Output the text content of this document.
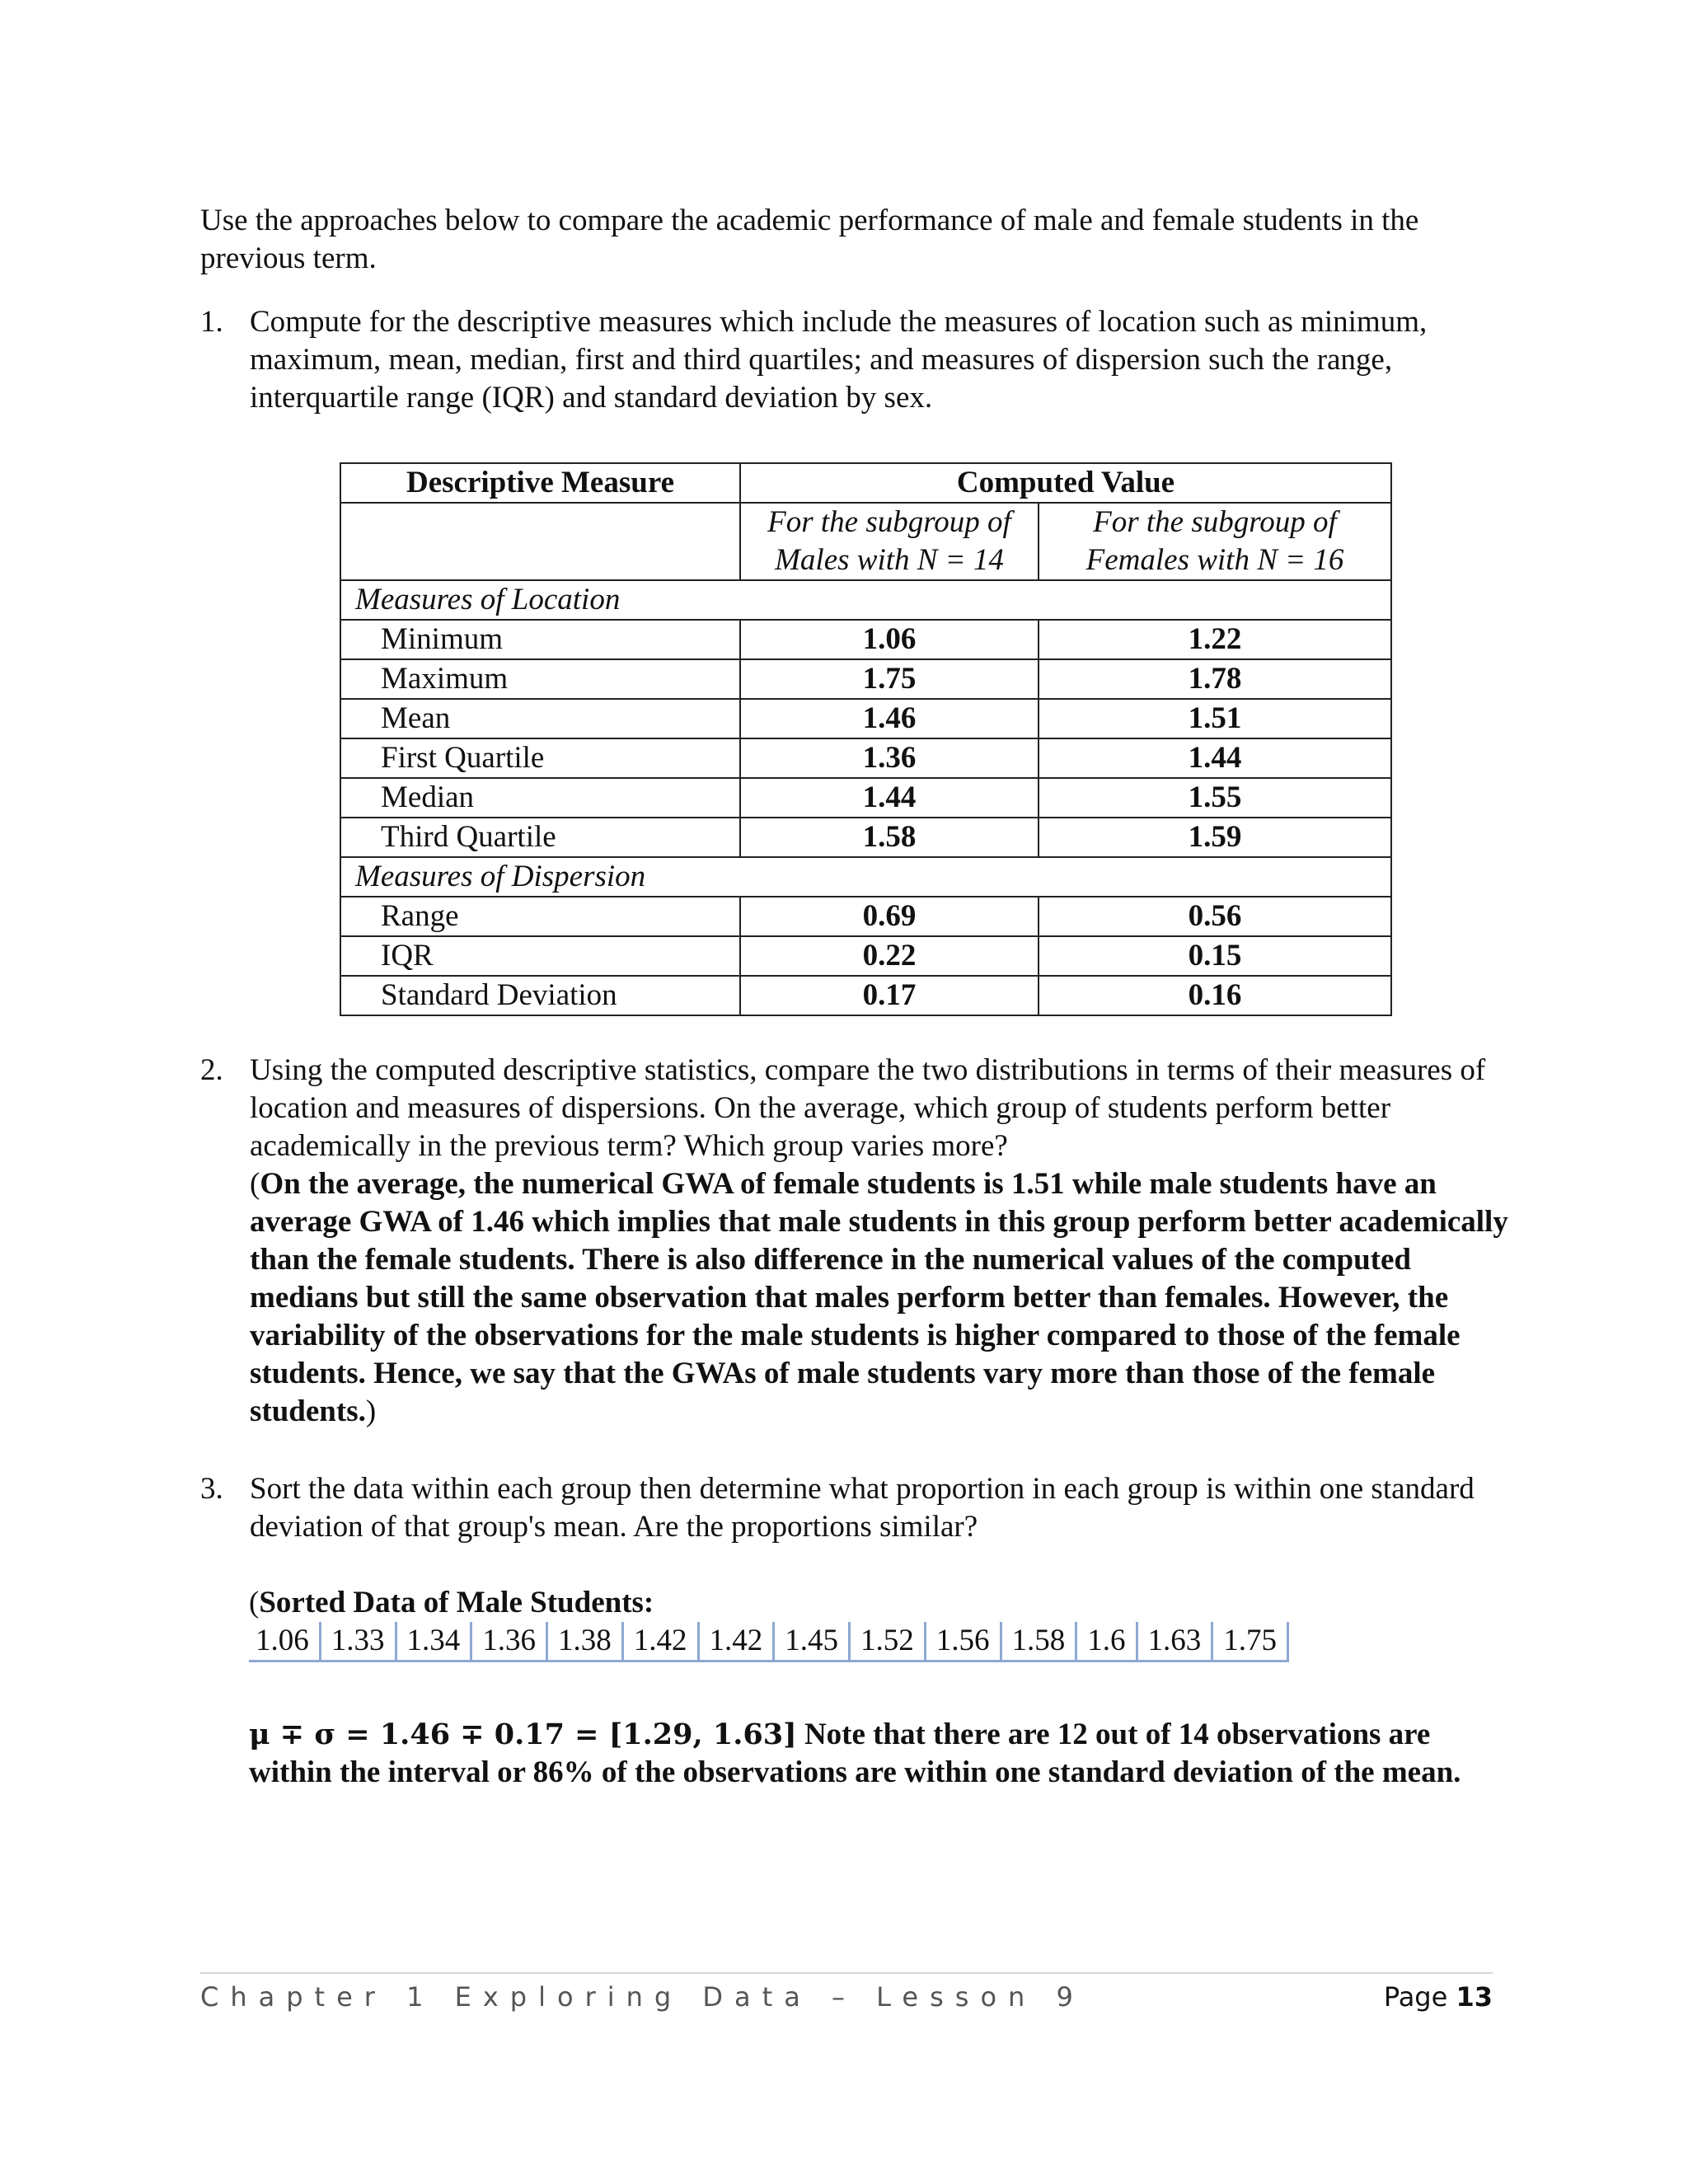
Use the approaches below to compare the academic performance of male and female students in the previous term.
1. Compute for the descriptive measures which include the measures of location such as minimum, maximum, mean, median, first and third quartiles; and measures of dispersion such the range, interquartile range (IQR) and standard deviation by sex.
Descriptive Measure	Computed Value	
	For the subgroup of Males with N = 14	For the subgroup of Females with N = 16
Measures of Location		
Minimum	1.06	1.22
Maximum	1.75	1.78
Mean	1.46	1.51
First Quartile	1.36	1.44
Median	1.44	1.55
Third Quartile	1.58	1.59
Measures of Dispersion		
Range	0.69	0.56
IQR	0.22	0.15
Standard Deviation	0.17	0.16
2. Using the computed descriptive statistics, compare the two distributions in terms of their measures of location and measures of dispersions. On the average, which group of students perform better academically in the previous term? Which group varies more?
(On the average, the numerical GWA of female students is 1.51 while male students have an average GWA of 1.46 which implies that male students in this group perform better academically than the female students. There is also difference in the numerical values of the computed medians but still the same observation that males perform better than females. However, the variability of the observations for the male students is higher compared to those of the female students. Hence, we say that the GWAs of male students vary more than those of the female students.)
3. Sort the data within each group then determine what proportion in each group is within one standard deviation of that group's mean. Are the proportions similar?
(Sorted Data of Male Students:
1.06 1.33 1.34 1.36 1.38 1.42 1.42 1.45 1.52 1.56 1.58 1.6 1.63 1.75
μ ∓ σ = 1.46 ∓ 0.17 = [1.29, 1.63] Note that there are 12 out of 14 observations are within the interval or 86% of the observations are within one standard deviation of the mean.
Chapter 1 Exploring Data – Lesson 9	Page 13
